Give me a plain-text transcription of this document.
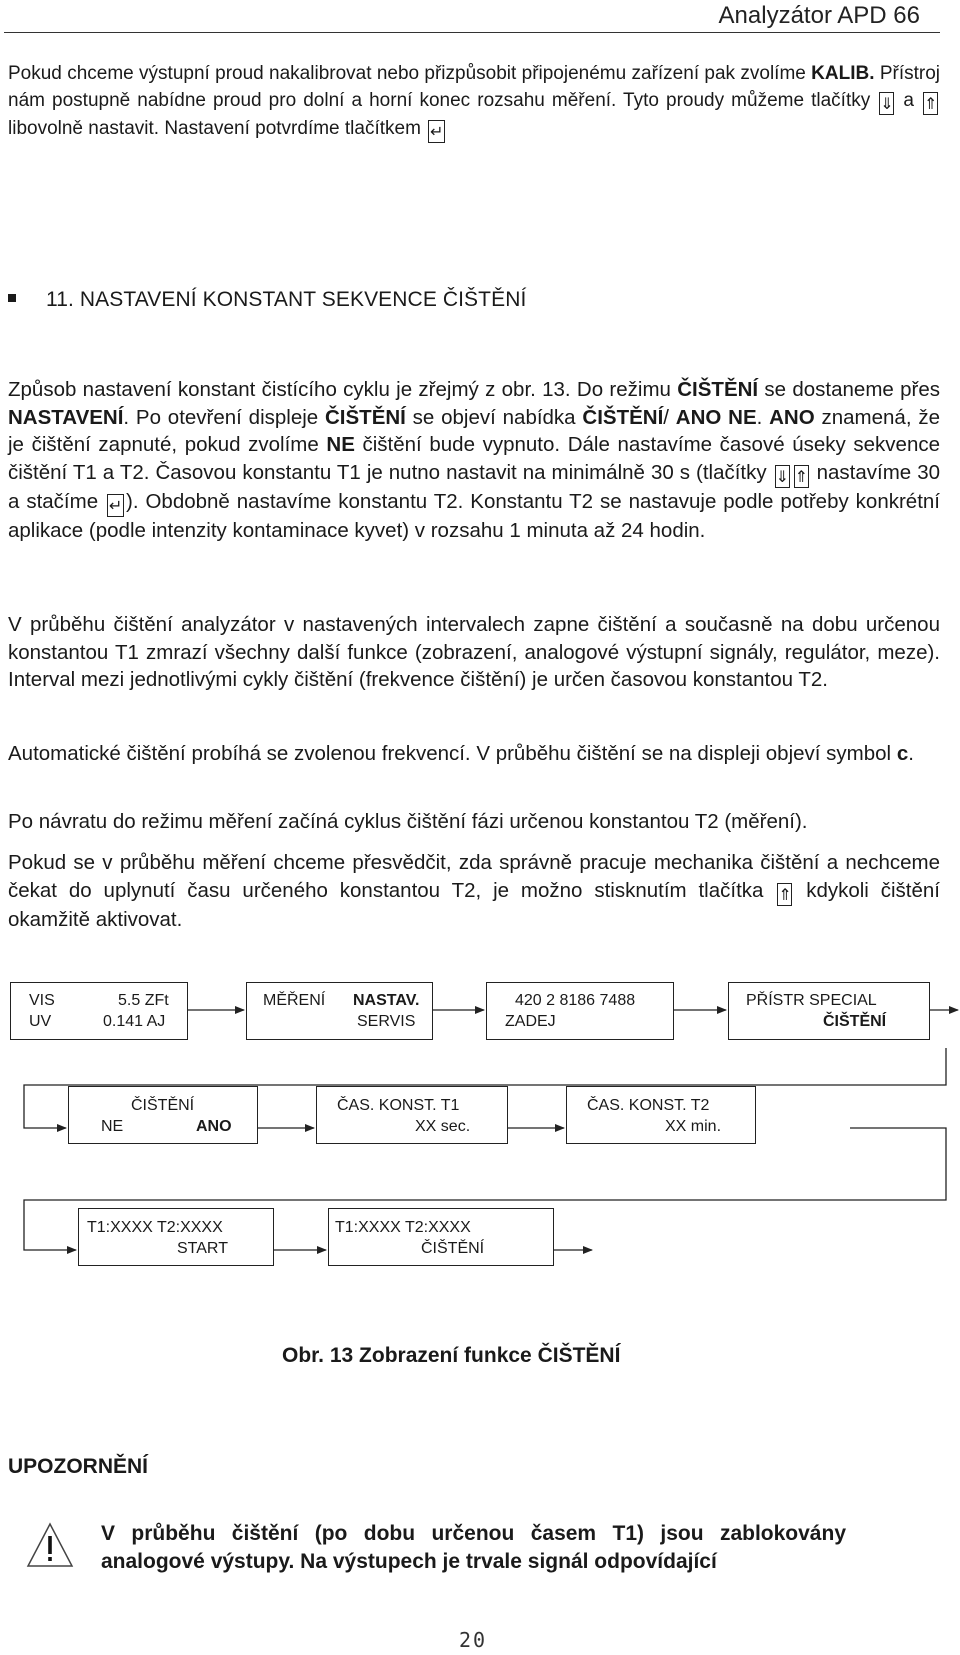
Analyzátor APD 66

Pokud chceme výstupní proud nakalibrovat nebo přizpůsobit připojenému zařízení pak zvolíme KALIB. Přístroj nám postupně nabídne proud pro dolní a horní konec rozsahu měření. Tyto proudy můžeme tlačítky ⇓ a ⇑ libovolně nastavit. Nastavení potvrdíme tlačítkem ↵

11. NASTAVENÍ KONSTANT SEKVENCE ČIŠTĚNÍ

Způsob nastavení konstant čistícího cyklu je zřejmý z obr. 13. Do režimu ČIŠTĚNÍ se dostaneme přes NASTAVENÍ. Po otevření displeje ČIŠTĚNÍ se objeví nabídka ČIŠTĚNÍ/ ANO NE. ANO znamená, že je čištění zapnuté, pokud zvolíme NE čištění bude vypnuto. Dále nastavíme časové úseky sekvence čištění T1 a T2. Časovou konstantu T1 je nutno nastavit na minimálně 30 s (tlačítky ⇓ ⇑ nastavíme 30 a stačíme ↵ ). Obdobně nastavíme konstantu T2. Konstantu T2 se nastavuje podle potřeby konkrétní aplikace (podle intenzity kontaminace kyvet) v rozsahu 1 minuta až 24 hodin.

V průběhu čištění analyzátor v nastavených intervalech zapne čištění a současně na dobu určenou konstantou T1 zmrazí všechny další funkce (zobrazení, analogové výstupní signály, regulátor, meze). Interval mezi jednotlivými cykly čištění (frekvence čištění) je určen časovou konstantou T2.

Automatické čištění probíhá se zvolenou frekvencí. V průběhu čištění se na displeji objeví symbol c.

Po návratu do režimu měření začíná cyklus čištění fázi určenou konstantou T2 (měření).

Pokud se v průběhu měření chceme přesvědčit, zda správně pracuje mechanika čištění a nechceme čekat do uplynutí času určeného konstantou T2, je možno stisknutím tlačítka ⇑ kdykoli čištění okamžitě aktivovat.

VIS	5.5 ZFt
UV	0.141 AJ
MĚŘENÍ NASTAV.
SERVIS
420 2 8186 7488
ZADEJ
PŘÍSTR SPECIAL
ČIŠTĚNÍ
ČIŠTĚNÍ
NE	ANO
ČAS. KONST. T1
XX sec.
ČAS. KONST. T2
XX min.
T1:XXXX T2:XXXX
START
T1:XXXX T2:XXXX
ČIŠTĚNÍ

Obr. 13 Zobrazení funkce ČIŠTĚNÍ

UPOZORNĚNÍ

V průběhu čištění (po dobu určenou časem T1) jsou zablokovány analogové výstupy. Na výstupech je trvale signál odpovídající

20
